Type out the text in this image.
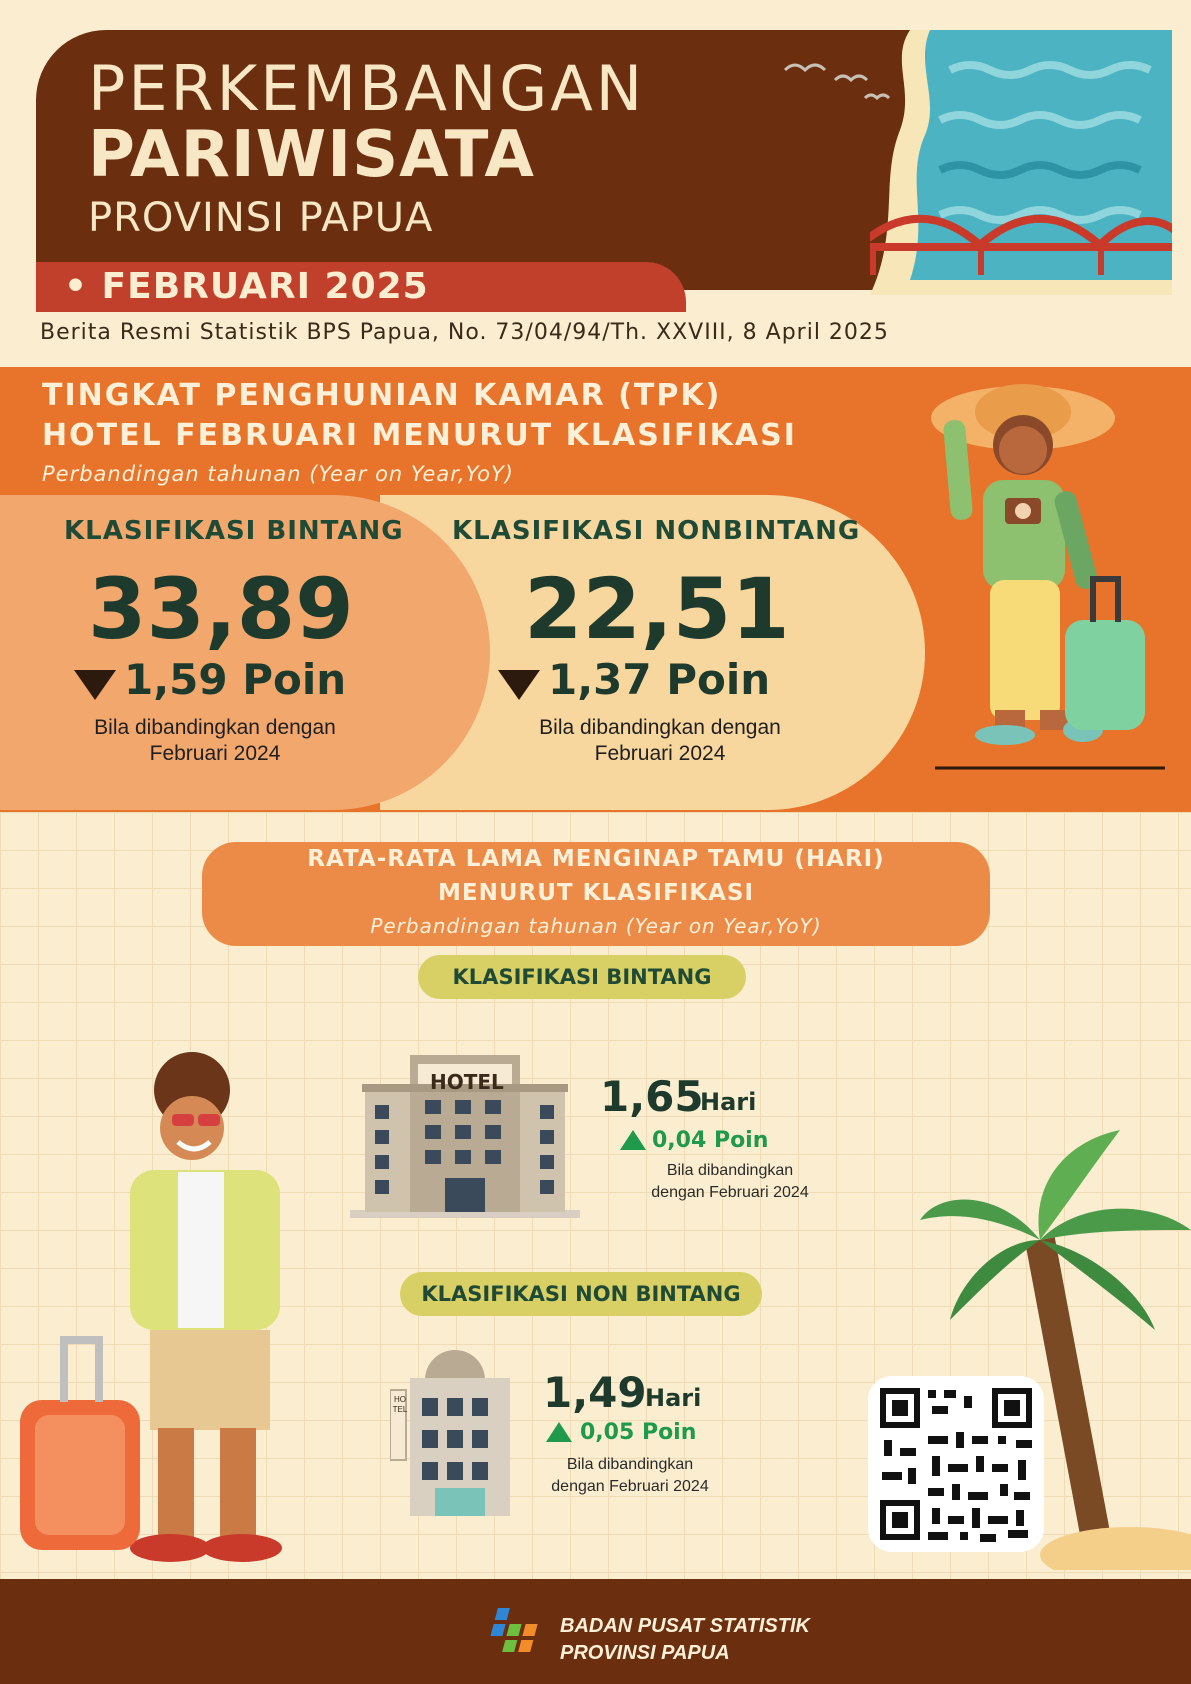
PERKEMBANGAN
PARIWISATA
PROVINSI PAPUA
• FEBRUARI 2025
Berita Resmi Statistik BPS Papua, No. 73/04/94/Th. XXVIII, 8 April 2025
TINGKAT PENGHUNIAN KAMAR (TPK)
HOTEL FEBRUARI MENURUT KLASIFIKASI
Perbandingan tahunan (Year on Year,YoY)
KLASIFIKASI BINTANG
33,89
1,59 Poin
Bila dibandingkan dengan
Februari 2024
KLASIFIKASI NONBINTANG
22,51
1,37 Poin
Bila dibandingkan dengan
Februari 2024
RATA-RATA LAMA MENGINAP TAMU (HARI)
MENURUT KLASIFIKASI
Perbandingan tahunan (Year on Year,YoY)
KLASIFIKASI BINTANG
HOTEL 1,65
Hari
0,04 Poin
Bila dibandingkan
dengan Februari 2024
KLASIFIKASI NON BINTANG
HOTEL	1,49
Hari
0,05 Poin
Bila dibandingkan
dengan Februari 2024
BADAN PUSAT STATISTIK
PROVINSI PAPUA
